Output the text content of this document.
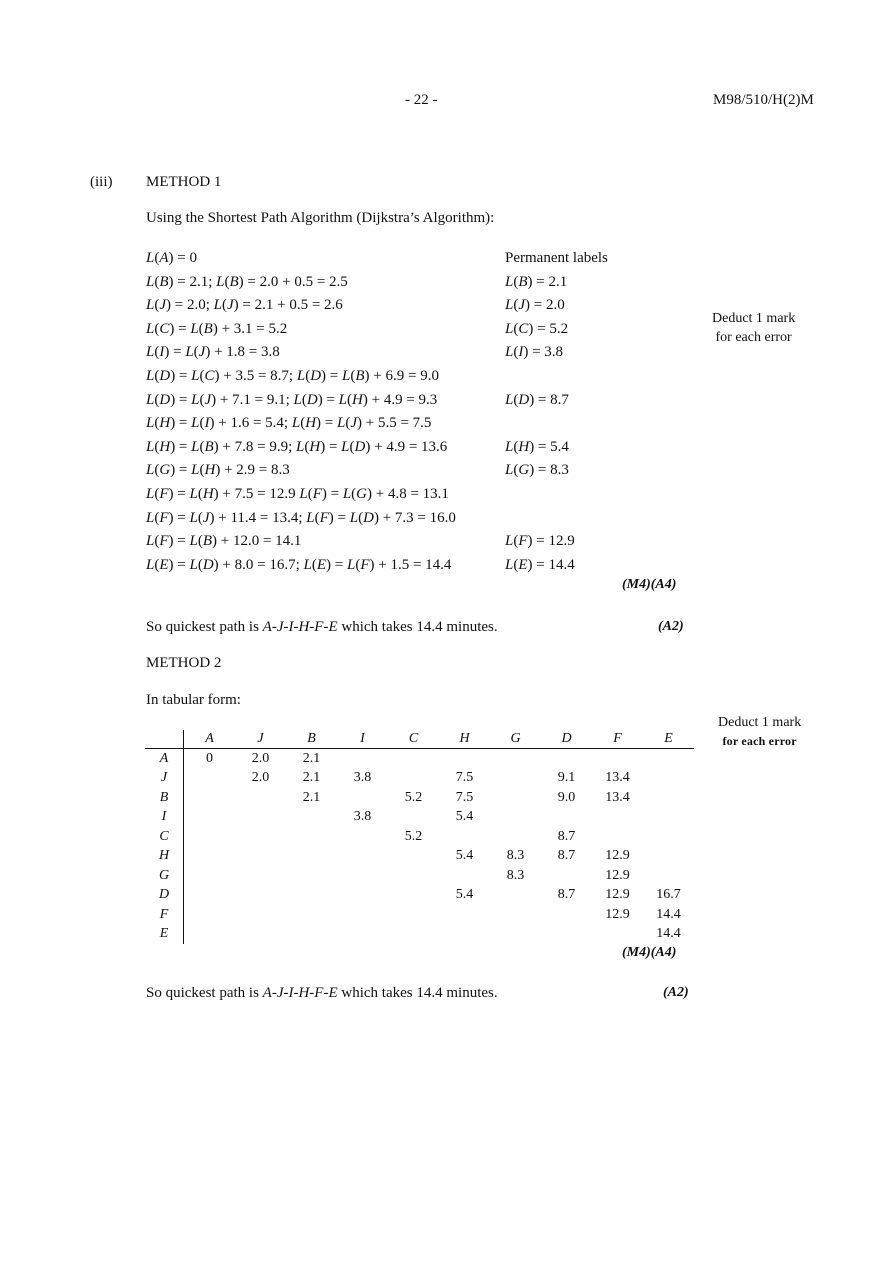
- 22 -	M98/510/H(2)M
(iii) METHOD 1
Using the Shortest Path Algorithm (Dijkstra’s Algorithm):
Permanent labels
L(A) = 0
L(B) = 2.1; L(B) = 2.0 + 0.5 = 2.5	L(B) = 2.1
L(J) = 2.0; L(J) = 2.1 + 0.5 = 2.6	L(J) = 2.0
L(C) = L(B) + 3.1 = 5.2	L(C) = 5.2
L(I) = L(J) + 1.8 = 3.8	L(I) = 3.8
L(D) = L(C) + 3.5 = 8.7; L(D) = L(B) + 6.9 = 9.0
L(D) = L(J) + 7.1 = 9.1; L(D) = L(H) + 4.9 = 9.3	L(D) = 8.7
L(H) = L(I) + 1.6 = 5.4; L(H) = L(J) + 5.5 = 7.5
L(H) = L(B) + 7.8 = 9.9; L(H) = L(D) + 4.9 = 13.6	L(H) = 5.4
L(G) = L(H) + 2.9 = 8.3	L(G) = 8.3
L(F) = L(H) + 7.5 = 12.9 L(F) = L(G) + 4.8 = 13.1
L(F) = L(J) + 11.4 = 13.4; L(F) = L(D) + 7.3 = 16.0
L(F) = L(B) + 12.0 = 14.1	L(F) = 12.9
L(E) = L(D) + 8.0 = 16.7; L(E) = L(F) + 1.5 = 14.4	L(E) = 14.4
Deduct 1 mark
for each error
(M4)(A4)
So quickest path is A-J-I-H-F-E which takes 14.4 minutes.	(A2)
METHOD 2
In tabular form:
Deduct 1 mark
for each error
	A	J	B	I	C	H	G	D	F	E
A	0	2.0	2.1							
J		2.0	2.1	3.8		7.5		9.1	13.4	
B			2.1		5.2	7.5		9.0	13.4	
I				3.8		5.4				
C					5.2			8.7		
H						5.4	8.3	8.7	12.9	
G							8.3		12.9	
D						5.4		8.7	12.9	16.7
F									12.9	14.4
E										14.4
(M4)(A4)
So quickest path is A-J-I-H-F-E which takes 14.4 minutes.	(A2)
